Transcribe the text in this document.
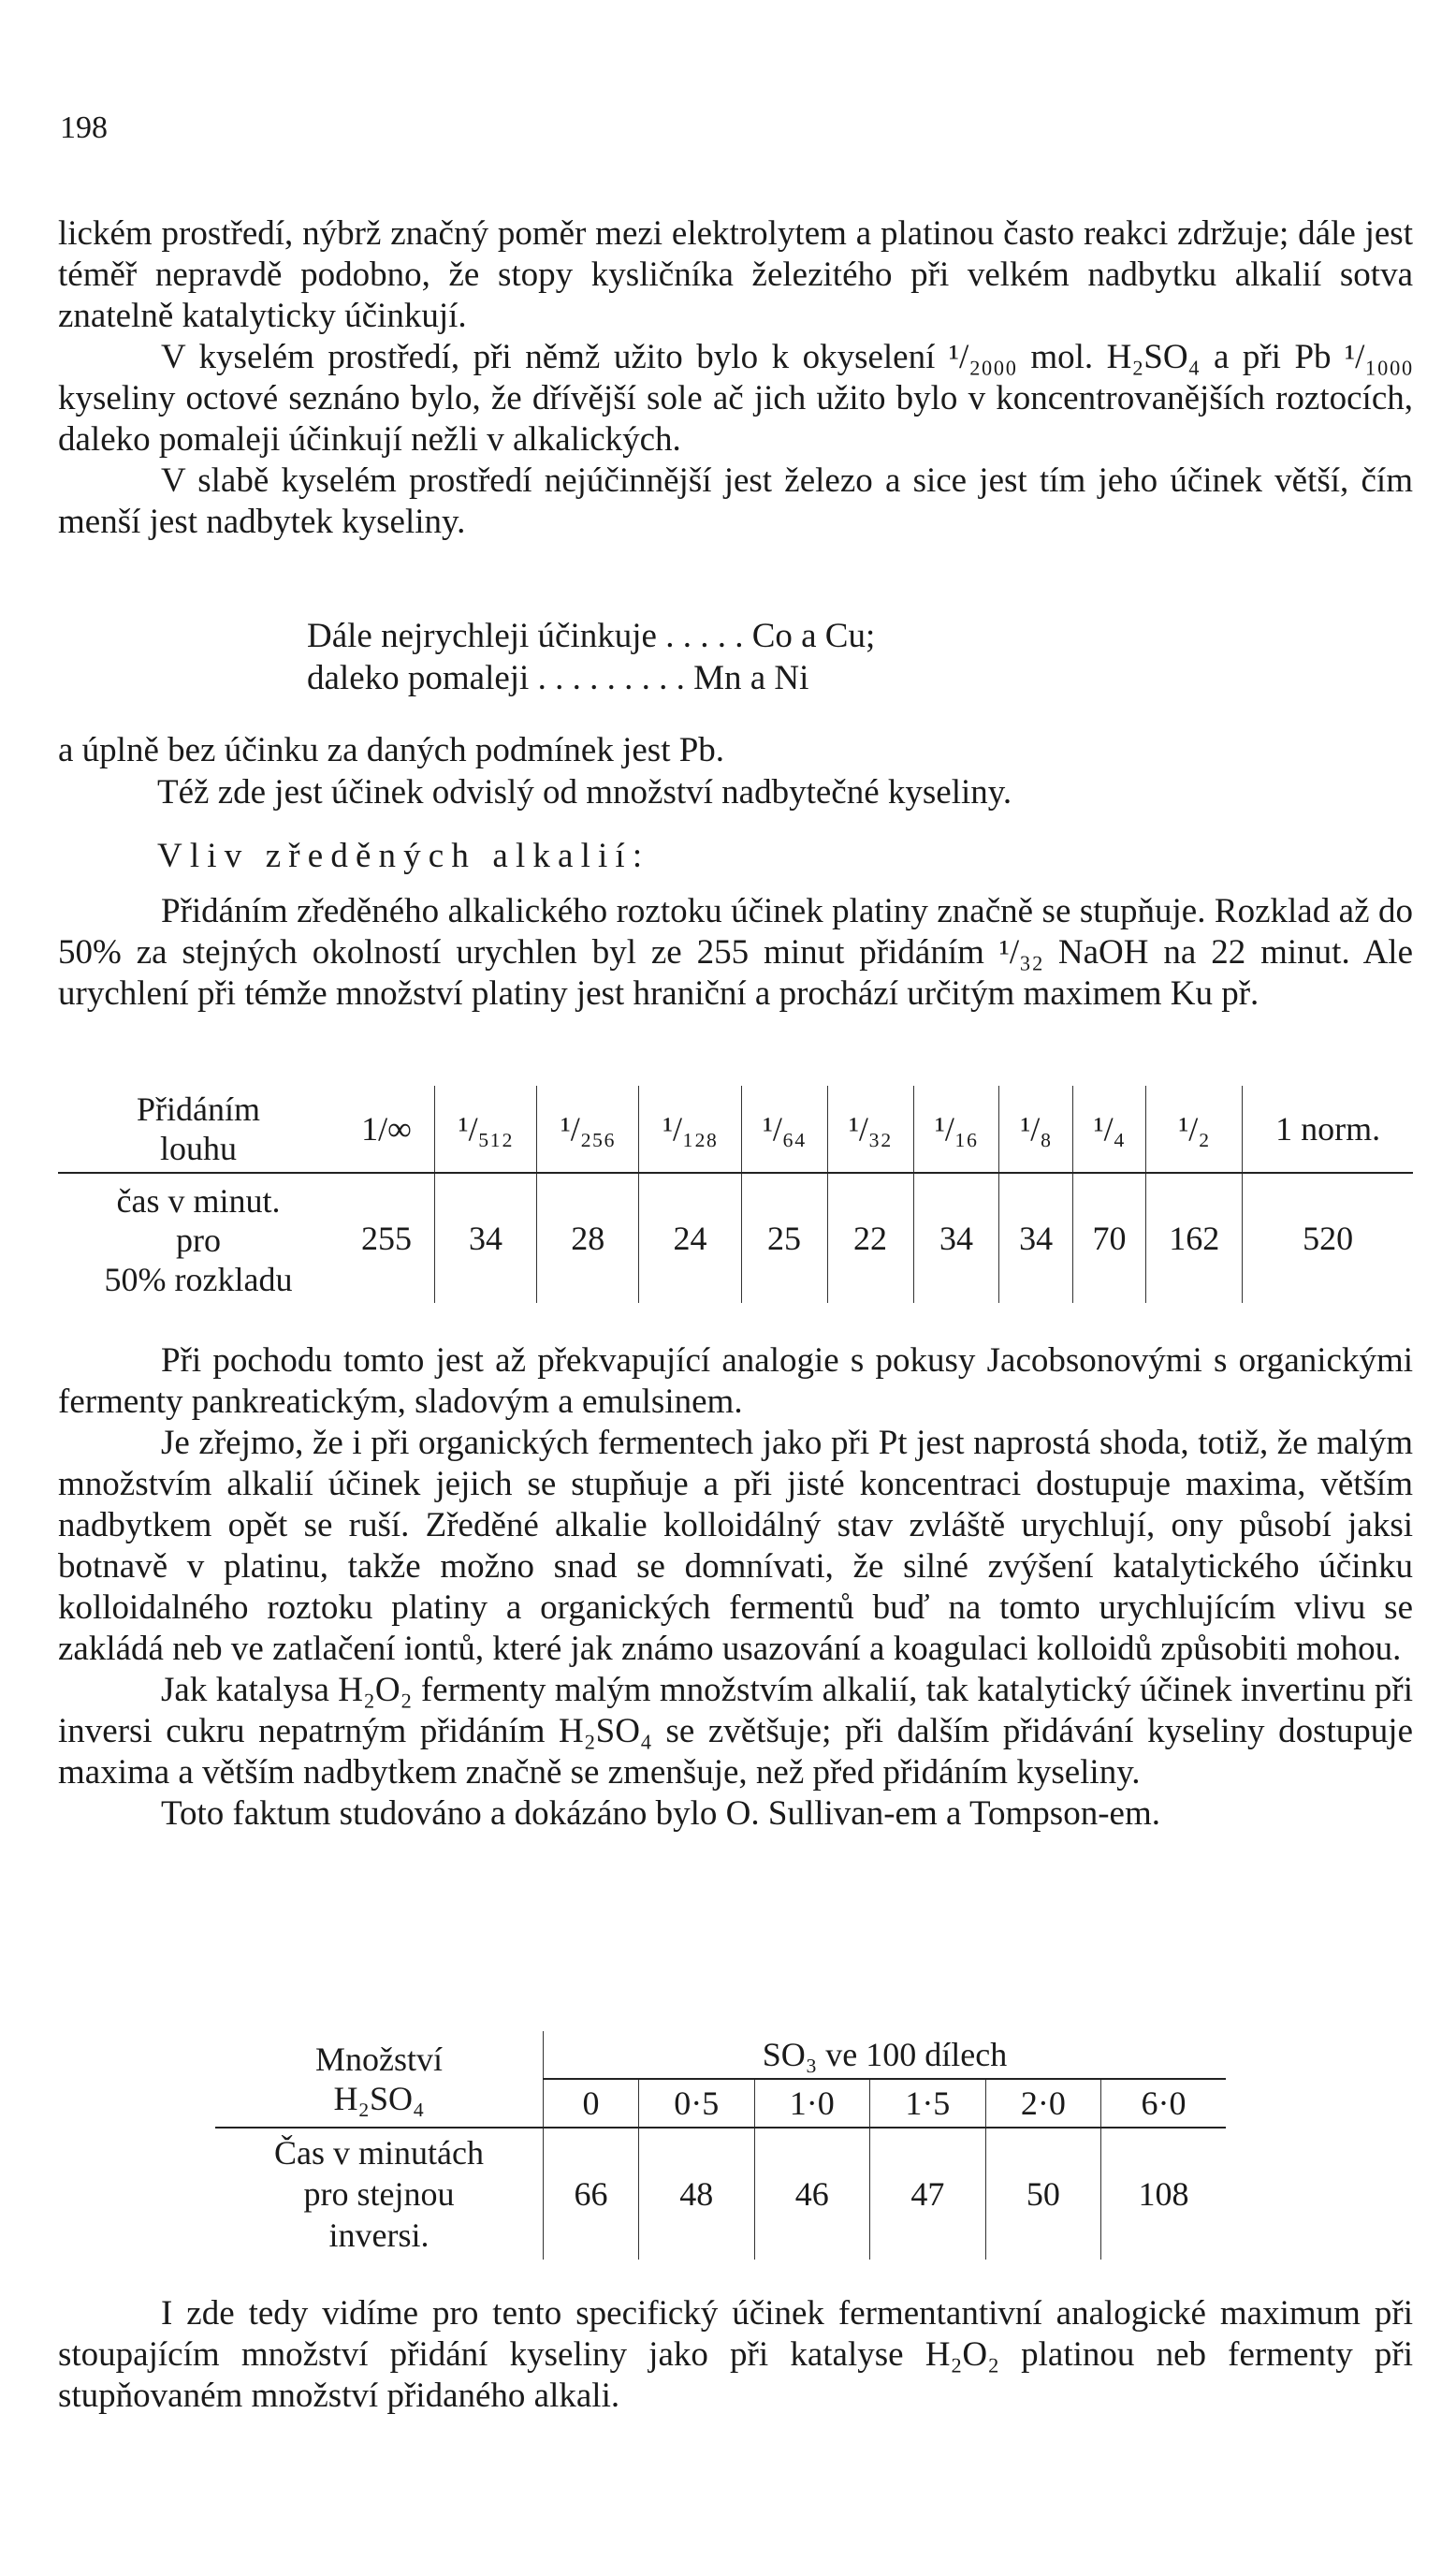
198

lickém prostředí, nýbrž značný poměr mezi elektrolytem a platinou často reakci zdržuje; dále jest téměř nepravdě podobno, že stopy kysličníka železitého při velkém nadbytku alkalií sotva znatelně katalyticky účinkují.

V kyselém prostředí, při němž užito bylo k okyselení ¹/₂₀₀₀ mol. H₂SO₄ a při Pb ¹/₁₀₀₀ kyseliny octové seznáno bylo, že dřívější sole ač jich užito bylo v koncentrovanějších roztocích, daleko pomaleji účinkují nežli v alkalických.

V slabě kyselém prostředí nejúčinnější jest železo a sice jest tím jeho účinek větší, čím menší jest nadbytek kyseliny.

Dále nejrychleji účinkuje . . . . . Co a Cu;
daleko pomaleji . . . . . . . . . Mn a Ni
a úplně bez účinku za daných podmínek jest Pb.
Též zde jest účinek odvislý od množství nadbytečné kyseliny.
Vliv zředěných alkalií:

Přidáním zředěného alkalického roztoku účinek platiny značně se stupňuje. Rozklad až do 50% za stejných okolností urychlen byl ze 255 minut přidáním ¹/₃₂ NaOH na 22 minut. Ale urychlení při témže množství platiny jest hraniční a prochází určitým maximem Ku př.

Přidáním
louhu	1/∞	¹/₅₁₂	¹/₂₅₆	¹/₁₂₈	¹/₆₄	¹/₃₂	¹/₁₆	¹/₈	¹/₄	¹/₂	1 norm.

čas v minut.
pro
50% rozkladu	255	34	28	24	25	22	34	34	70	162	520

Při pochodu tomto jest až překvapující analogie s pokusy Jacobsonovými s organickými fermenty pankreatickým, sladovým a emulsinem.

Je zřejmo, že i při organických fermentech jako při Pt jest naprostá shoda, totiž, že malým množstvím alkalií účinek jejich se stupňuje a při jisté koncentraci dostupuje maxima, větším nadbytkem opět se ruší. Zředěné alkalie kolloidálný stav zvláště urychlují, ony působí jaksi botnavě v platinu, takže možno snad se domnívati, že silné zvýšení katalytického účinku kolloidalného roztoku platiny a organických fermentů buď na tomto urychlujícím vlivu se zakládá neb ve zatlačení iontů, které jak známo usazování a koagulaci kolloidů způsobiti mohou.

Jak katalysa H₂O₂ fermenty malým množstvím alkalií, tak katalytický účinek invertinu při inversi cukru nepatrným přidáním H₂SO₄ se zvětšuje; při dalším přidávání kyseliny dostupuje maxima a větším nadbytkem značně se zmenšuje, než před přidáním kyseliny.

Toto faktum studováno a dokázáno bylo O. Sullivan-em a Tompson-em.

Množství
H₂SO₄	SO₃ ve 100 dílech					
	0	0·5	1·0	1·5	2·0	6·0

Čas v minutách
pro stejnou
inversi.	66	48	46	47	50	108

I zde tedy vidíme pro tento specifický účinek fermentantivní analogické maximum při stoupajícím množství přidání kyseliny jako při katalyse H₂O₂ platinou neb fermenty při stupňovaném množství přidaného alkali.
